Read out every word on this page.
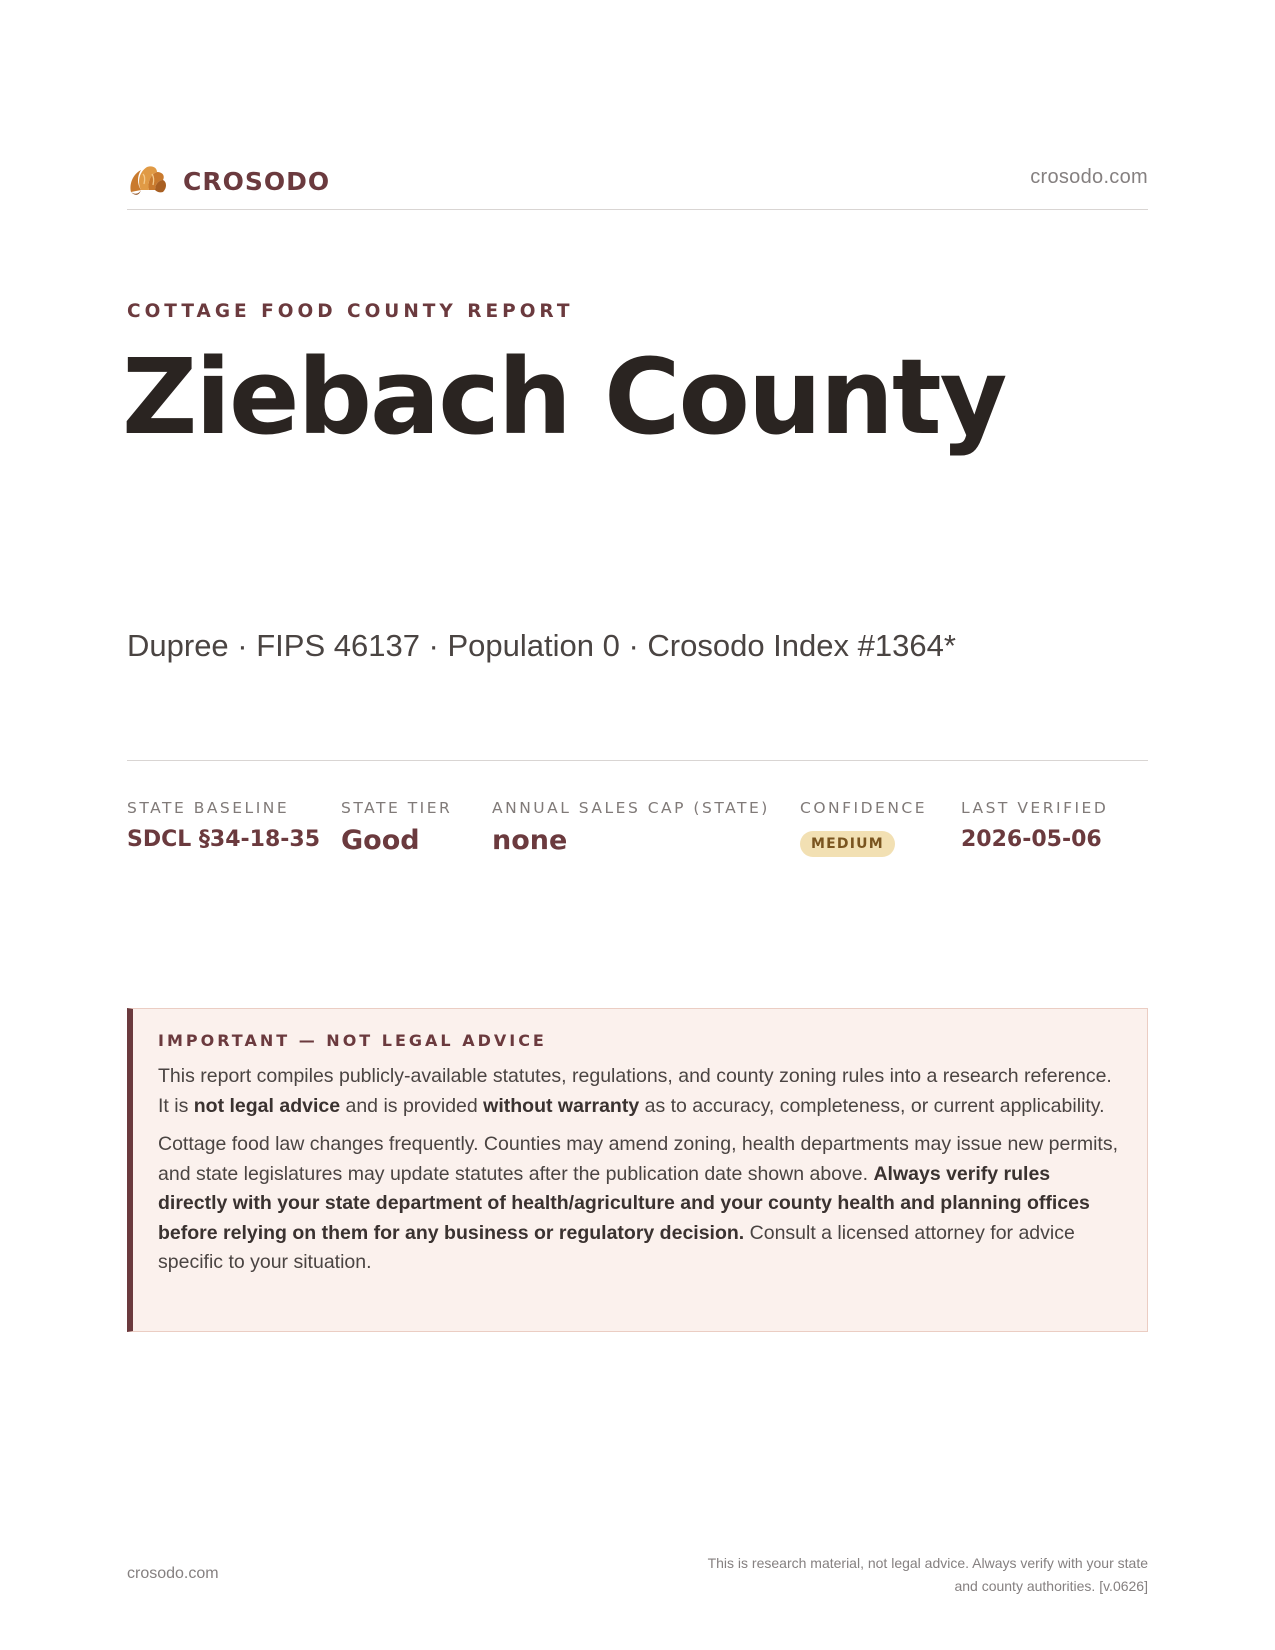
CROSODO	crosodo.com
COTTAGE FOOD COUNTY REPORT
Ziebach County
Dupree · FIPS 46137 · Population 0 · Crosodo Index #1364*
STATE BASELINE
SDCL §34-18-35
STATE TIER
Good
ANNUAL SALES CAP (STATE)
none
CONFIDENCE
MEDIUM
LAST VERIFIED
2026-05-06
IMPORTANT — NOT LEGAL ADVICE

This report compiles publicly-available statutes, regulations, and county zoning rules into a research reference. It is not legal advice and is provided without warranty as to accuracy, completeness, or current applicability.

Cottage food law changes frequently. Counties may amend zoning, health departments may issue new permits, and state legislatures may update statutes after the publication date shown above. Always verify rules directly with your state department of health/agriculture and your county health and planning offices before relying on them for any business or regulatory decision. Consult a licensed attorney for advice specific to your situation.

crosodo.com
This is research material, not legal advice. Always verify with your state
and county authorities. [v.0626]
